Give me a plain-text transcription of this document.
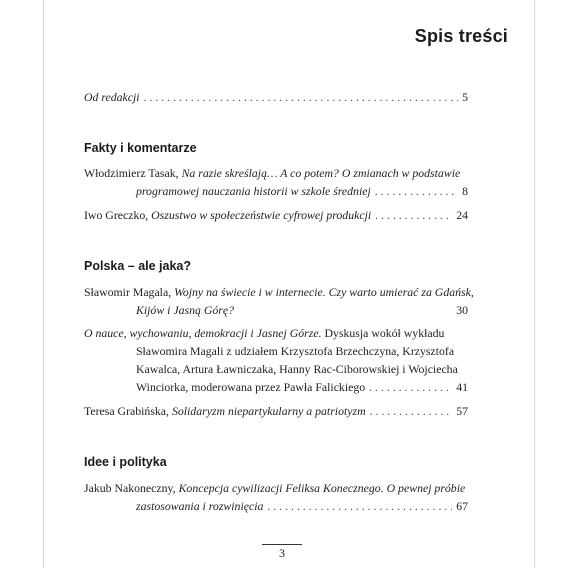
Spis treści
Od redakcji . . .	5
Fakty i komentarze
Włodzimierz Tasak, Na razie skreślają… A co potem? O zmianach w podstawie
programowej nauczania historii w szkole średniej . . .	8
Iwo Greczko, Oszustwo w społeczeństwie cyfrowej produkcji . . .	24
Polska – ale jaka?
Sławomir Magala, Wojny na świecie i w internecie. Czy warto umierać za Gdańsk,
Kijów i Jasną Górę?	30
O nauce, wychowaniu, demokracji i Jasnej Górze. Dyskusja wokół wykładu
Sławomira Magali z udziałem Krzysztofa Brzechczyna, Krzysztofa
Kawalca, Artura Ławniczaka, Hanny Rac-Ciborowskiej i Wojciecha
Winciorka, moderowana przez Pawła Falickiego . . .	41
Teresa Grabińska, Solidaryzm niepartykularny a patriotyzm . . .	57
Idee i polityka
Jakub Nakoneczny, Koncepcja cywilizacji Feliksa Konecznego. O pewnej próbie
zastosowania i rozwinięcia . . .	67
3
